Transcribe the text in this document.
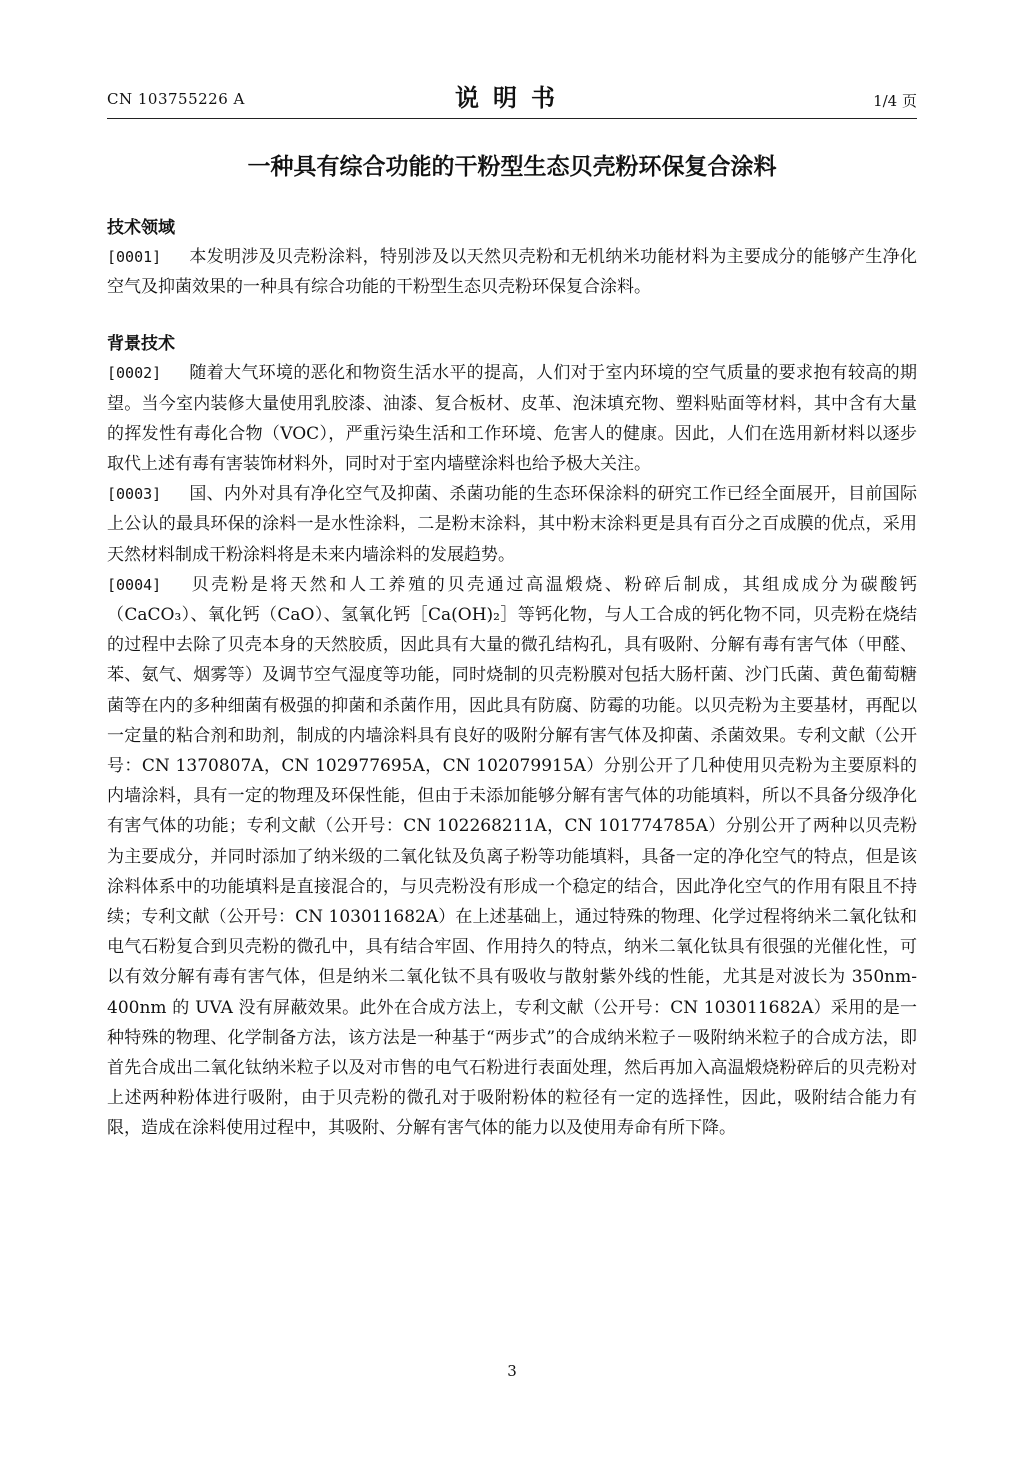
CN 103755226 A	说明书	1/4 页
一种具有综合功能的干粉型生态贝壳粉环保复合涂料
技术领域

[0001] 本发明涉及贝壳粉涂料，特别涉及以天然贝壳粉和无机纳米功能材料为主要成分的能够产生净化空气及抑菌效果的一种具有综合功能的干粉型生态贝壳粉环保复合涂料。

背景技术

[0002] 随着大气环境的恶化和物资生活水平的提高，人们对于室内环境的空气质量的要求抱有较高的期望。当今室内装修大量使用乳胶漆、油漆、复合板材、皮革、泡沫填充物、塑料贴面等材料，其中含有大量的挥发性有毒化合物（VOC），严重污染生活和工作环境、危害人的健康。因此，人们在选用新材料以逐步取代上述有毒有害装饰材料外，同时对于室内墙壁涂料也给予极大关注。

[0003] 国、内外对具有净化空气及抑菌、杀菌功能的生态环保涂料的研究工作已经全面展开，目前国际上公认的最具环保的涂料一是水性涂料，二是粉末涂料，其中粉末涂料更是具有百分之百成膜的优点，采用天然材料制成干粉涂料将是未来内墙涂料的发展趋势。

[0004] 贝壳粉是将天然和人工养殖的贝壳通过高温煅烧、粉碎后制成，其组成成分为碳酸钙（CaCO₃）、氧化钙（CaO）、氢氧化钙［Ca(OH)₂］等钙化物，与人工合成的钙化物不同，贝壳粉在烧结的过程中去除了贝壳本身的天然胶质，因此具有大量的微孔结构孔，具有吸附、分解有毒有害气体（甲醛、苯、氨气、烟雾等）及调节空气湿度等功能，同时烧制的贝壳粉膜对包括大肠杆菌、沙门氏菌、黄色葡萄糖菌等在内的多种细菌有极强的抑菌和杀菌作用，因此具有防腐、防霉的功能。以贝壳粉为主要基材，再配以一定量的粘合剂和助剂，制成的内墙涂料具有良好的吸附分解有害气体及抑菌、杀菌效果。专利文献（公开号：CN 1370807A，CN 102977695A，CN 102079915A）分别公开了几种使用贝壳粉为主要原料的内墙涂料，具有一定的物理及环保性能，但由于未添加能够分解有害气体的功能填料，所以不具备分级净化有害气体的功能；专利文献（公开号：CN 102268211A，CN 101774785A）分别公开了两种以贝壳粉为主要成分，并同时添加了纳米级的二氧化钛及负离子粉等功能填料，具备一定的净化空气的特点，但是该涂料体系中的功能填料是直接混合的，与贝壳粉没有形成一个稳定的结合，因此净化空气的作用有限且不持续；专利文献（公开号：CN 103011682A）在上述基础上，通过特殊的物理、化学过程将纳米二氧化钛和电气石粉复合到贝壳粉的微孔中，具有结合牢固、作用持久的特点，纳米二氧化钛具有很强的光催化性，可以有效分解有毒有害气体，但是纳米二氧化钛不具有吸收与散射紫外线的性能，尤其是对波长为 350nm-400nm 的 UVA 没有屏蔽效果。此外在合成方法上，专利文献（公开号：CN 103011682A）采用的是一种特殊的物理、化学制备方法，该方法是一种基于“两步式”的合成纳米粒子－吸附纳米粒子的合成方法，即首先合成出二氧化钛纳米粒子以及对市售的电气石粉进行表面处理，然后再加入高温煅烧粉碎后的贝壳粉对上述两种粉体进行吸附，由于贝壳粉的微孔对于吸附粉体的粒径有一定的选择性，因此，吸附结合能力有限，造成在涂料使用过程中，其吸附、分解有害气体的能力以及使用寿命有所下降。

3
